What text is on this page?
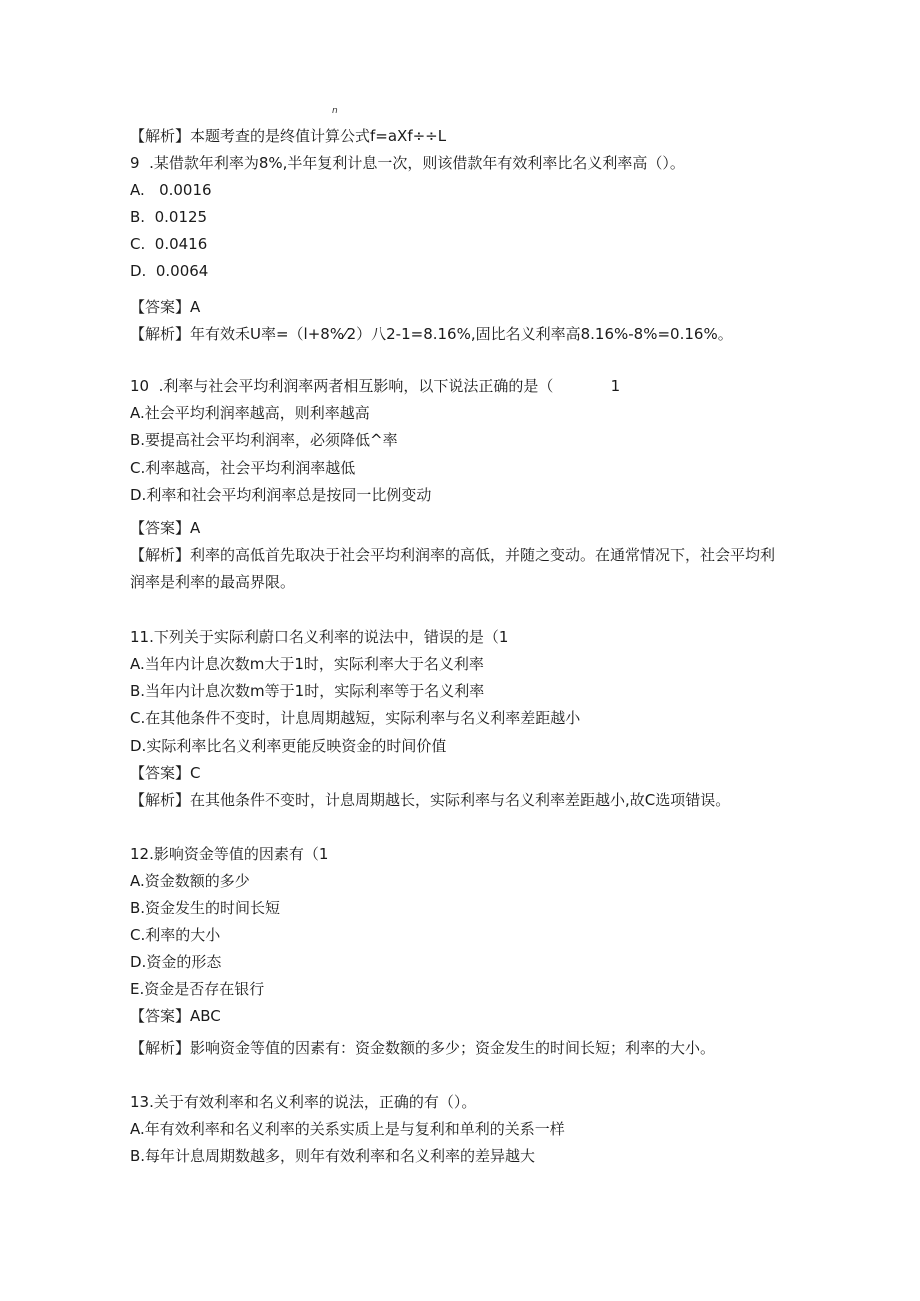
n
【解析】本题考查的是终值计算公式f=aXf÷÷L
9  .某借款年利率为8%,半年复利计息一次，则该借款年有效利率比名义利率高（）。
A.   0.0016
B.  0.0125
C.  0.0416
D.  0.0064
【答案】A
【解析】年有效禾U率=（l+8%⁄2）八2-1=8.16%,固比名义利率高8.16%-8%=0.16%。
10  .利率与社会平均利润率两者相互影响，以下说法正确的是（            1
A.社会平均利润率越高，则利率越高
B.要提高社会平均利润率，必须降低^率
C.利率越高，社会平均利润率越低
D.利率和社会平均利润率总是按同一比例变动
【答案】A
【解析】利率的高低首先取决于社会平均利润率的高低，并随之变动。在通常情况下，社会平均利
润率是利率的最高界限。
11.下列关于实际利蔚口名义利率的说法中，错误的是（1
A.当年内计息次数m大于1时，实际利率大于名义利率
B.当年内计息次数m等于1时，实际利率等于名义利率
C.在其他条件不变时，计息周期越短，实际利率与名义利率差距越小
D.实际利率比名义利率更能反映资金的时间价值
【答案】C
【解析】在其他条件不变时，计息周期越长，实际利率与名义利率差距越小,故C选项错误。
12.影响资金等值的因素有（1
A.资金数额的多少
B.资金发生的时间长短
C.利率的大小
D.资金的形态
E.资金是否存在银行
【答案】ABC
【解析】影响资金等值的因素有：资金数额的多少；资金发生的时间长短；利率的大小。
13.关于有效利率和名义利率的说法，正确的有（）。
A.年有效利率和名义利率的关系实质上是与复利和单利的关系一样
B.每年计息周期数越多，则年有效利率和名义利率的差异越大
